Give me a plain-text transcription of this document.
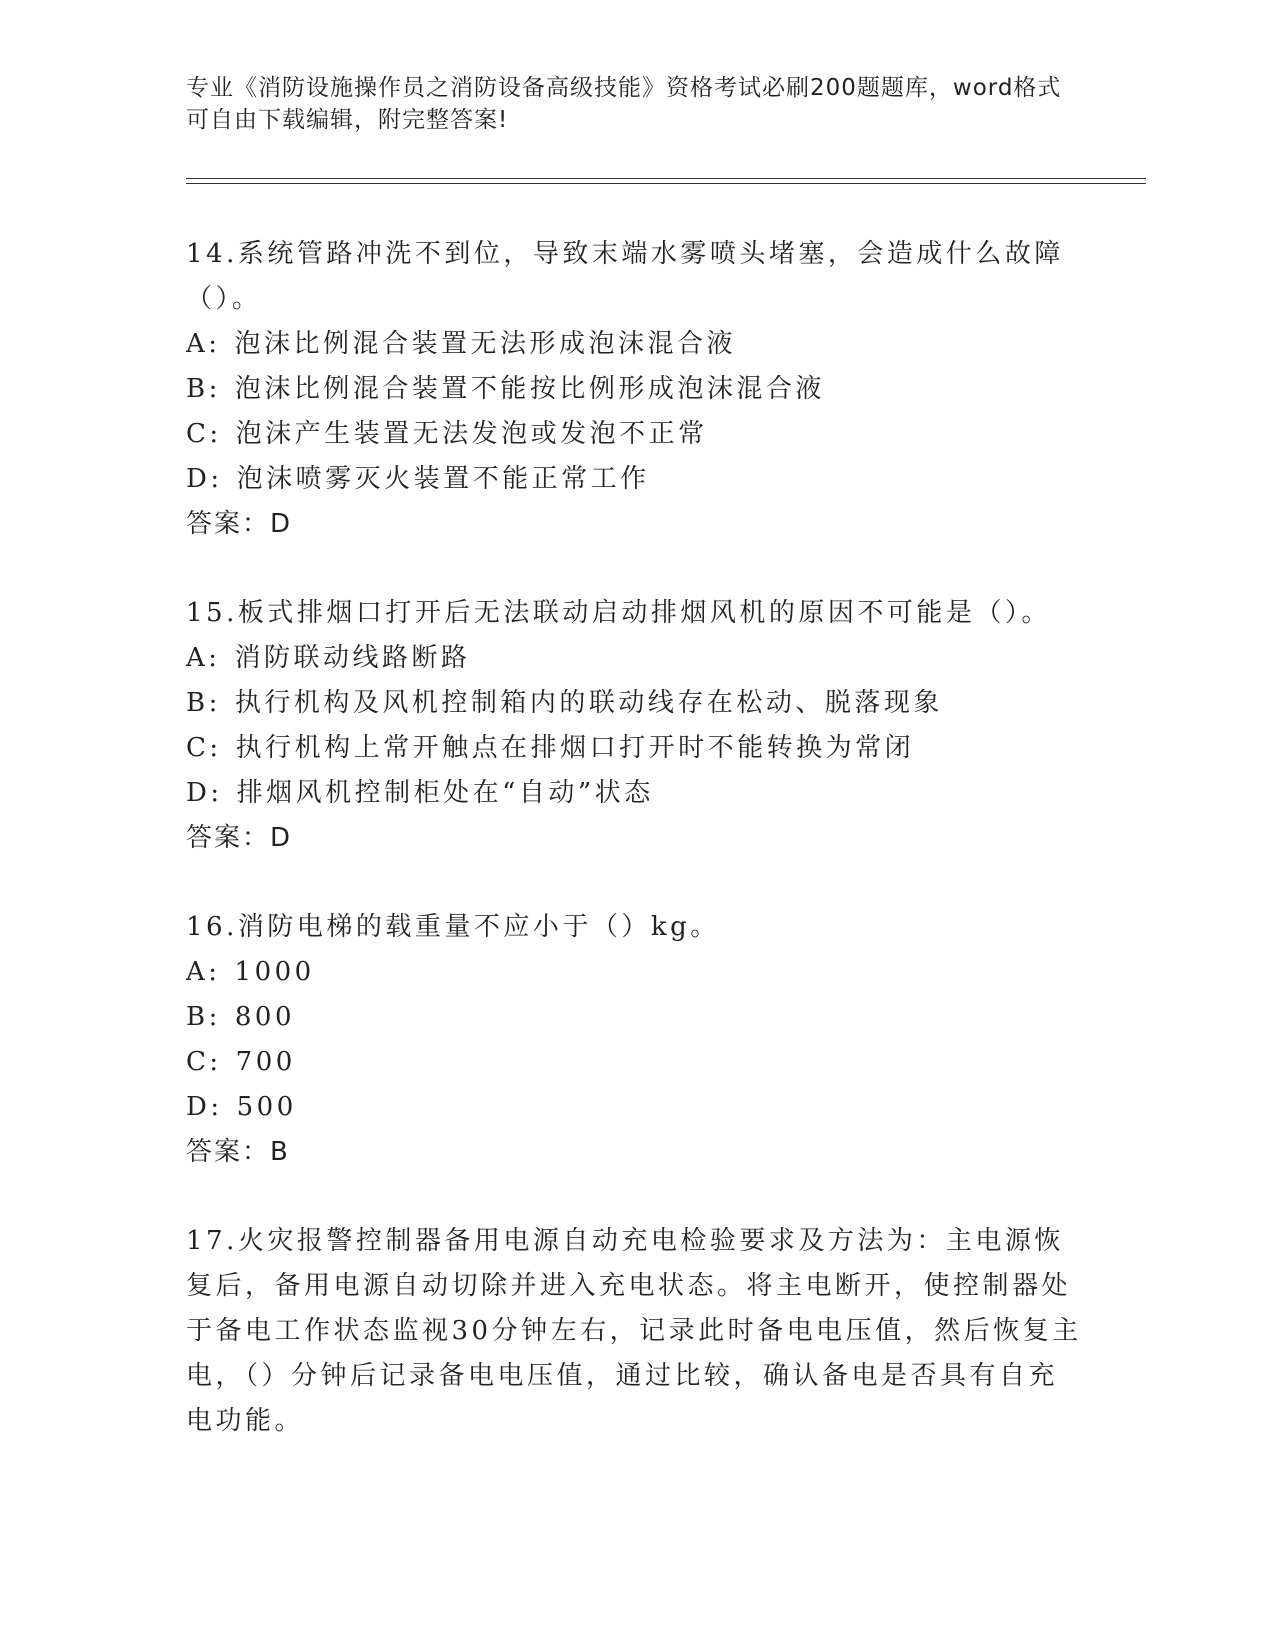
专业《消防设施操作员之消防设备高级技能》资格考试必刷200题题库，word格式可自由下载编辑，附完整答案!

14.系统管路冲洗不到位，导致末端水雾喷头堵塞，会造成什么故障（）。

A: 泡沫比例混合装置无法形成泡沫混合液

B: 泡沫比例混合装置不能按比例形成泡沫混合液

C: 泡沫产生装置无法发泡或发泡不正常

D: 泡沫喷雾灭火装置不能正常工作

答案：D

15.板式排烟口打开后无法联动启动排烟风机的原因不可能是（）。

A: 消防联动线路断路

B: 执行机构及风机控制箱内的联动线存在松动、脱落现象

C: 执行机构上常开触点在排烟口打开时不能转换为常闭

D: 排烟风机控制柜处在“自动”状态

答案：D

16.消防电梯的载重量不应小于（）kg。

A: 1000

B: 800

C: 700

D: 500

答案：B

17.火灾报警控制器备用电源自动充电检验要求及方法为：主电源恢复后，备用电源自动切除并进入充电状态。将主电断开，使控制器处于备电工作状态监视30分钟左右，记录此时备电电压值，然后恢复主电，（）分钟后记录备电电压值，通过比较，确认备电是否具有自充电功能。
